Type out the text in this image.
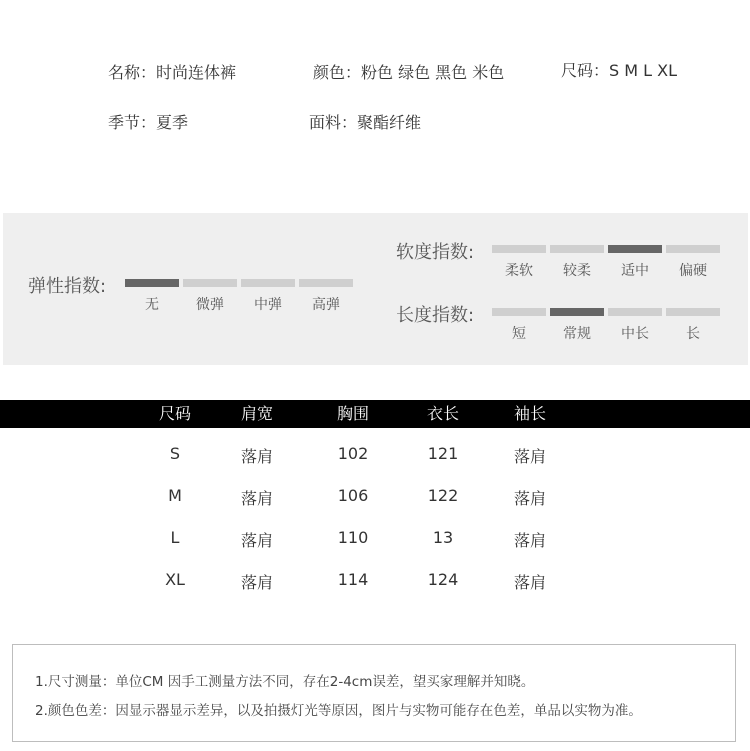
名称：时尚连体裤	颜色：粉色 绿色 黑色 米色	尺码：S M L XL
季节：夏季	面料：聚酯纤维
弹性指数:
无	微弹	中弹	高弹
软度指数:
柔软	较柔	适中	偏硬
长度指数:
短	常规	中长	长
尺码	肩宽	胸围	衣长	袖长
S	落肩	102	121	落肩
M	落肩	106	122	落肩
L	落肩	110	13	落肩
XL	落肩	114	124	落肩
1.尺寸测量：单位CM 因手工测量方法不同，存在2-4cm误差，望买家理解并知晓。
2.颜色色差：因显示器显示差异，以及拍摄灯光等原因，图片与实物可能存在色差，单品以实物为准。
